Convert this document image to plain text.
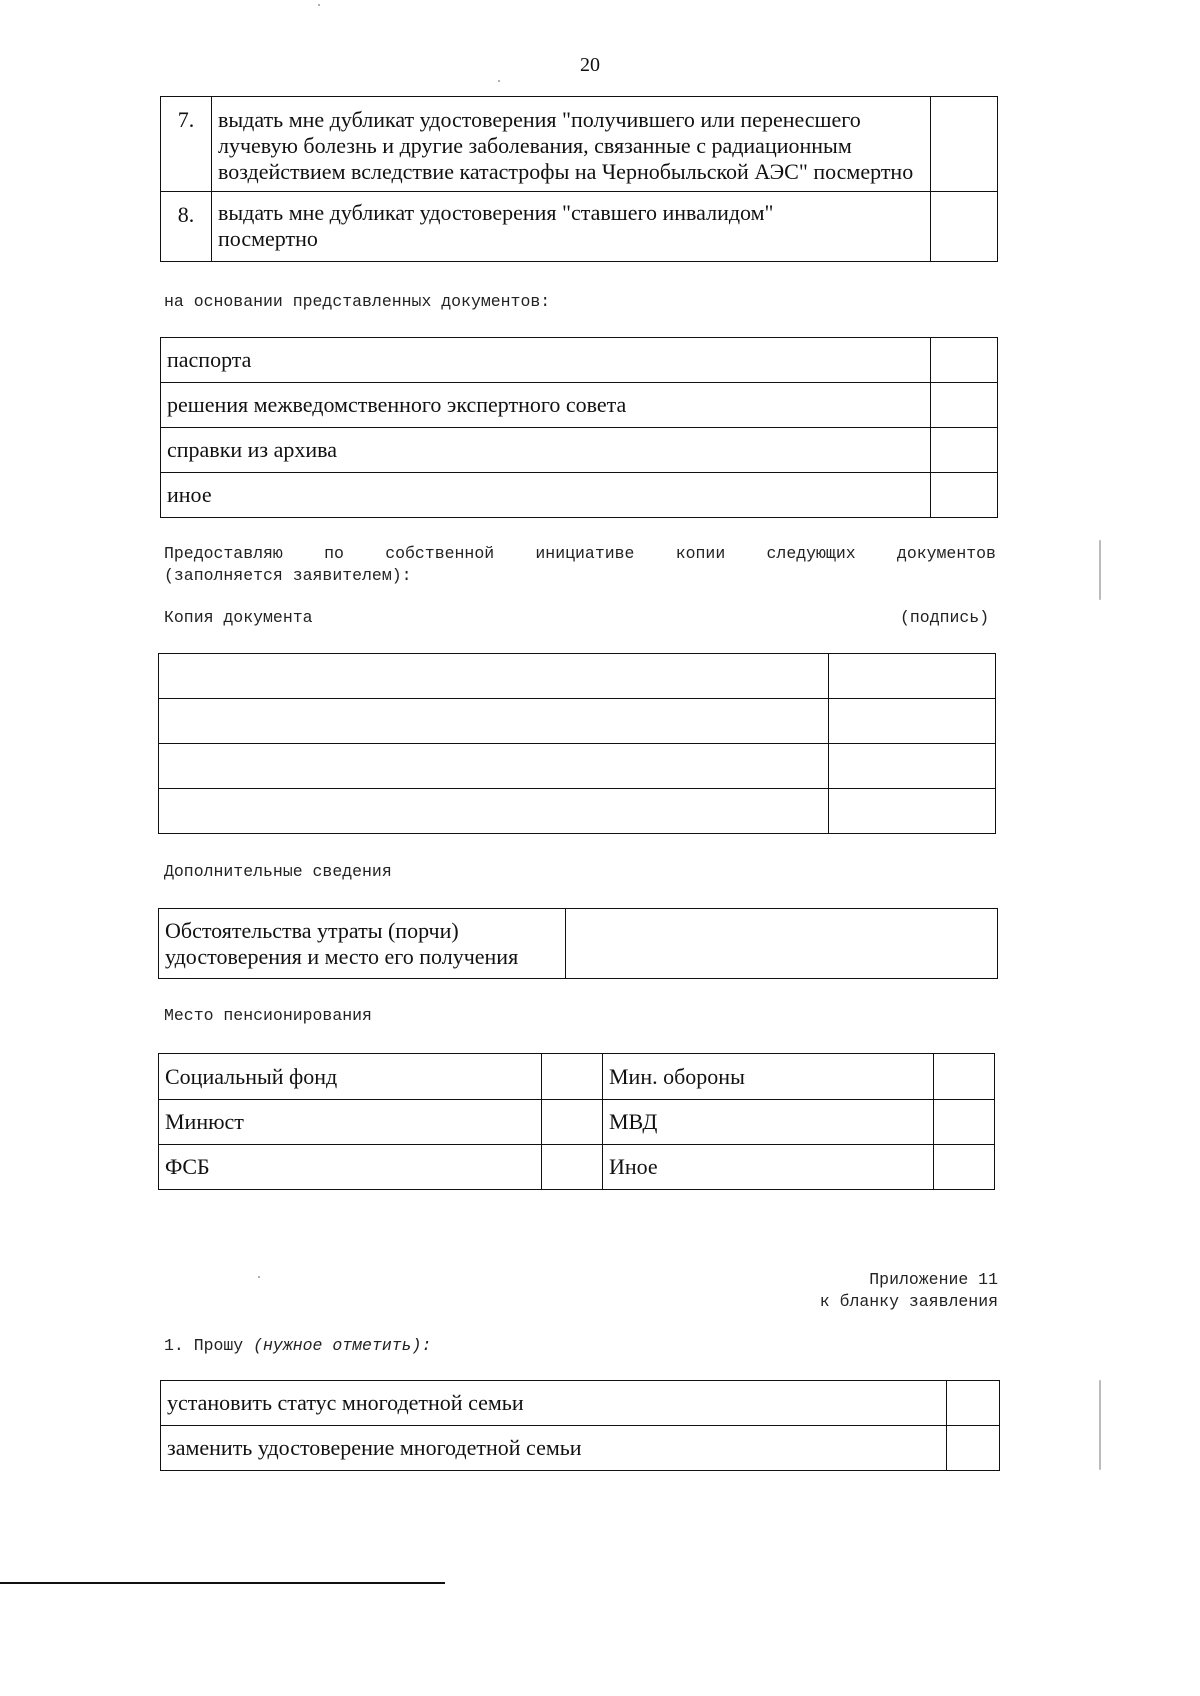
20
7.	выдать мне дубликат удостоверения "получившего или перенесшего
лучевую болезнь и другие заболевания, связанные с радиационным
воздействием вследствие катастрофы на Чернобыльской АЭС" посмертно	

8.	выдать мне дубликат удостоверения "ставшего инвалидом"
посмертно	

на основании представленных документов:
паспорта	
решения межведомственного экспертного совета	
справки из архива	
иное	
Предоставляю	по	собственной	инициативе	копии	следующих	документов
(заполняется заявителем):
Копия документа	(подпись)

Дополнительные сведения
Обстоятельства утраты (порчи)
удостоверения и место его получения

Место пенсионирования
Социальный фонд		Мин. обороны	
Минюст		МВД	
ФСБ		Иное	
Приложение 11
к бланку заявления
1. Прошу (нужное отметить):
установить статус многодетной семьи	
заменить удостоверение многодетной семьи	
